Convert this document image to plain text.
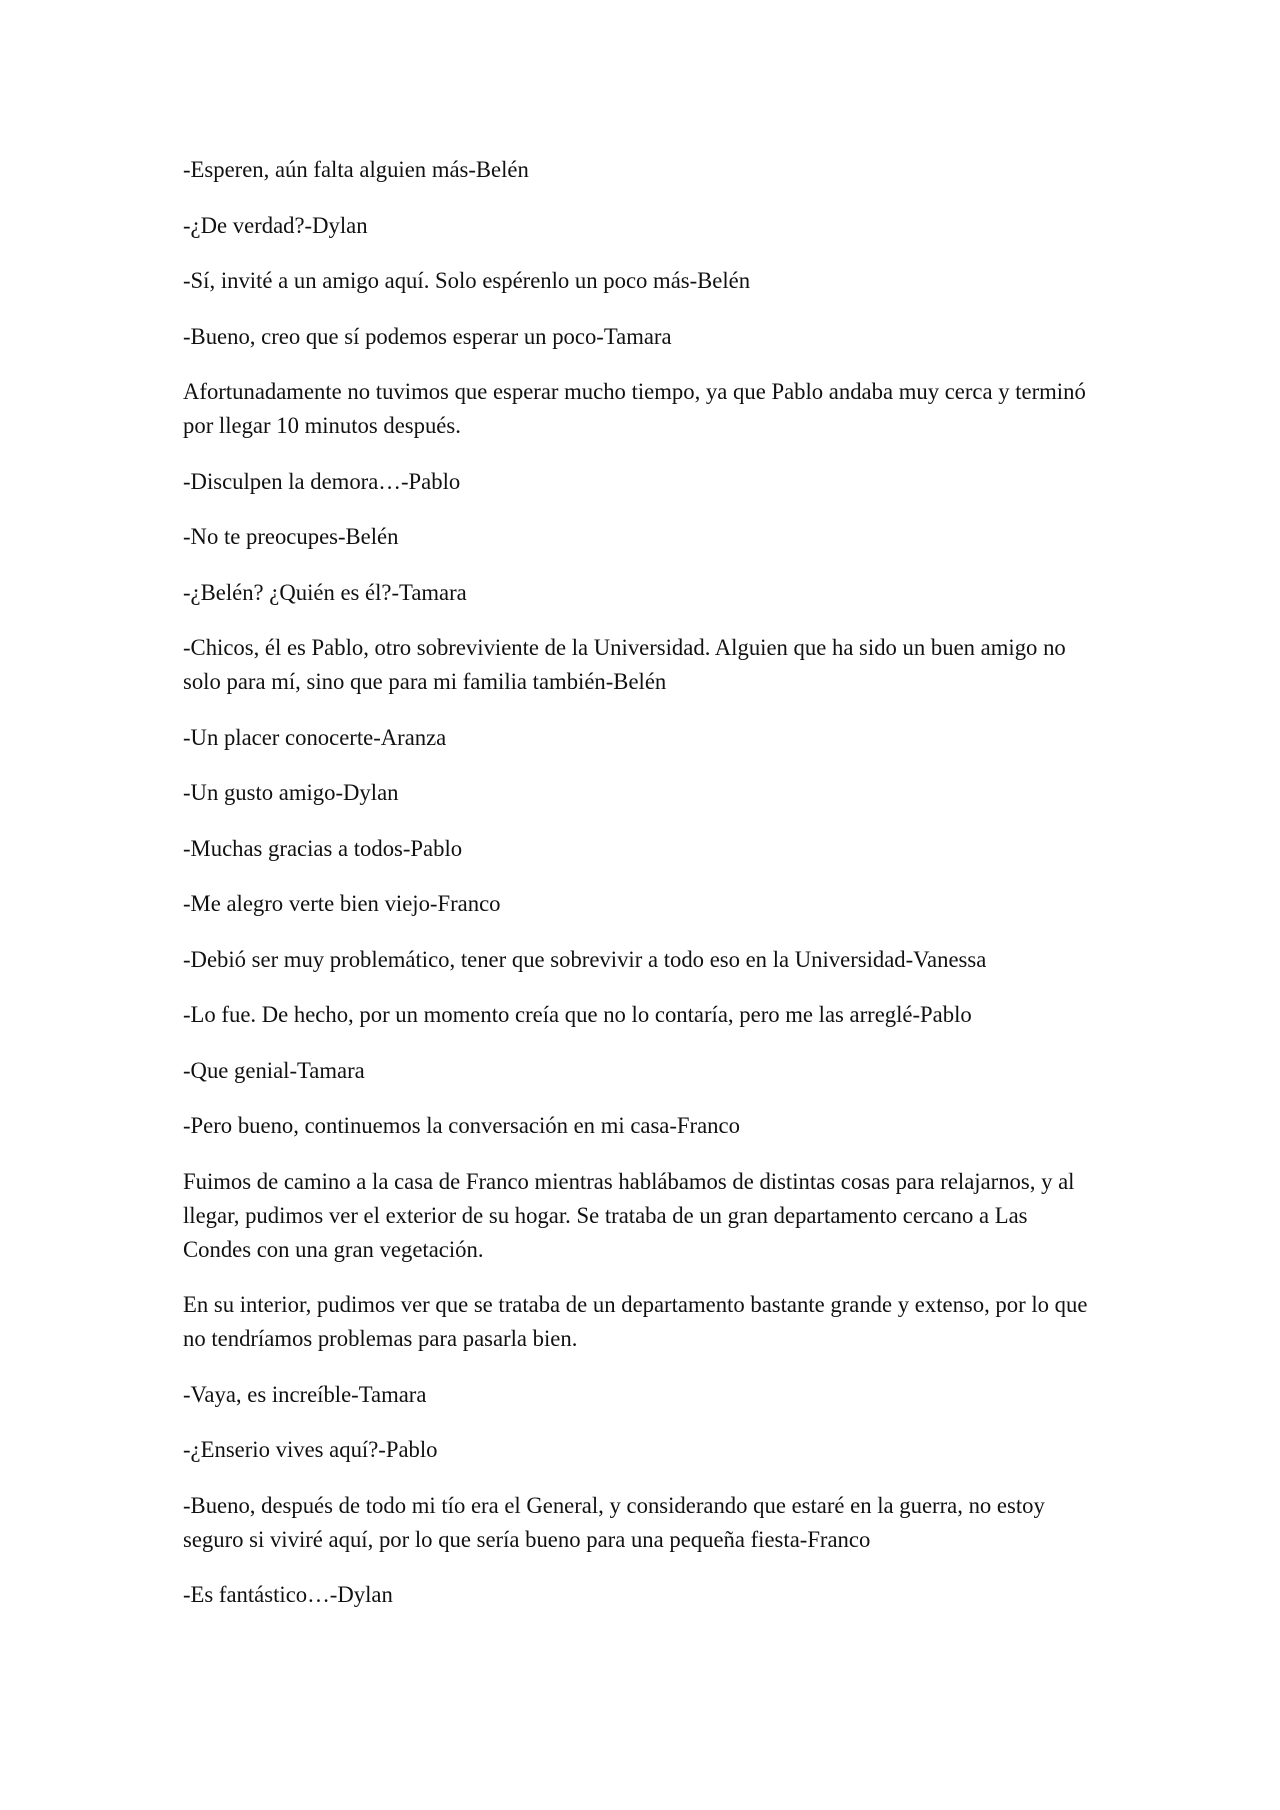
-Esperen, aún falta alguien más-Belén

-¿De verdad?-Dylan

-Sí, invité a un amigo aquí. Solo espérenlo un poco más-Belén

-Bueno, creo que sí podemos esperar un poco-Tamara

Afortunadamente no tuvimos que esperar mucho tiempo, ya que Pablo andaba muy cerca y terminó por llegar 10 minutos después.

-Disculpen la demora…-Pablo

-No te preocupes-Belén

-¿Belén? ¿Quién es él?-Tamara

-Chicos, él es Pablo, otro sobreviviente de la Universidad. Alguien que ha sido un buen amigo no solo para mí, sino que para mi familia también-Belén

-Un placer conocerte-Aranza

-Un gusto amigo-Dylan

-Muchas gracias a todos-Pablo

-Me alegro verte bien viejo-Franco

-Debió ser muy problemático, tener que sobrevivir a todo eso en la Universidad-Vanessa

-Lo fue. De hecho, por un momento creía que no lo contaría, pero me las arreglé-Pablo

-Que genial-Tamara

-Pero bueno, continuemos la conversación en mi casa-Franco

Fuimos de camino a la casa de Franco mientras hablábamos de distintas cosas para relajarnos, y al llegar, pudimos ver el exterior de su hogar. Se trataba de un gran departamento cercano a Las Condes con una gran vegetación.

En su interior, pudimos ver que se trataba de un departamento bastante grande y extenso, por lo que no tendríamos problemas para pasarla bien.

-Vaya, es increíble-Tamara

-¿Enserio vives aquí?-Pablo

-Bueno, después de todo mi tío era el General, y considerando que estaré en la guerra, no estoy seguro si viviré aquí, por lo que sería bueno para una pequeña fiesta-Franco

-Es fantástico…-Dylan
